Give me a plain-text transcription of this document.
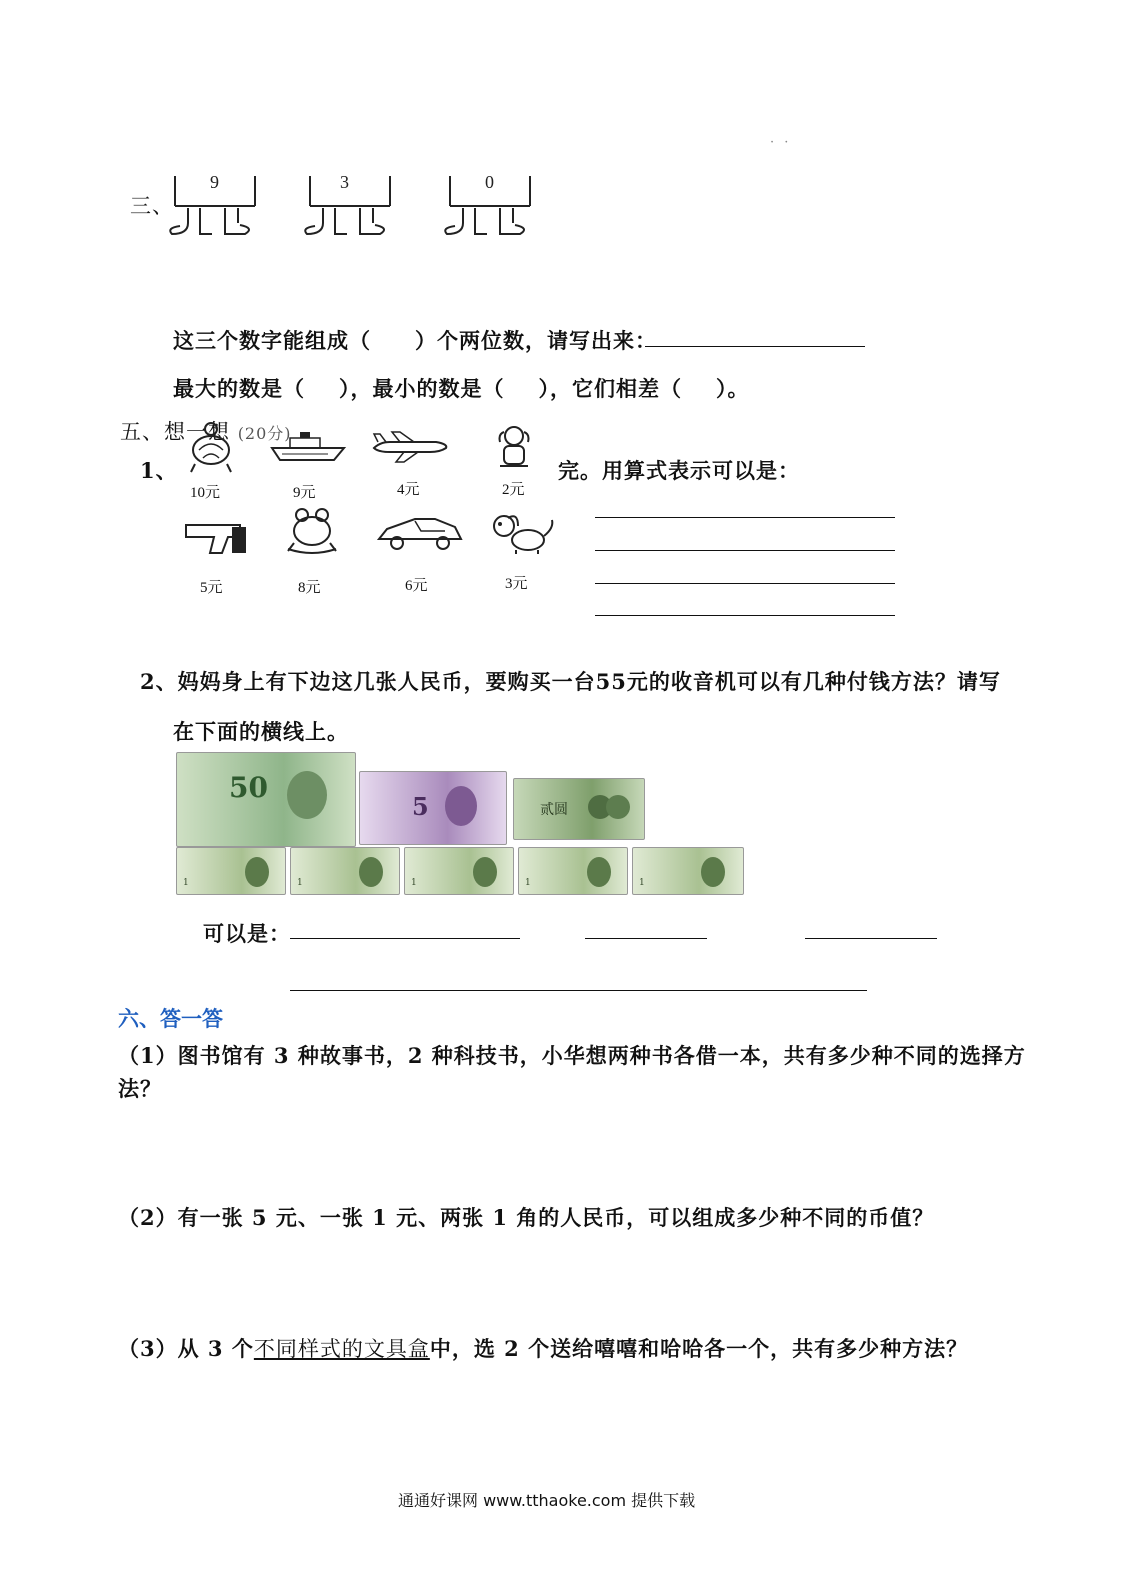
· ·
三、
9	3	0
这三个数字能组成（ ）个两位数，请写出来：
最大的数是（ ），最小的数是（ ），它们相差（ ）。
五、想一想 (20分)
1、	完。用算式表示可以是：
10元	9元	4元	2元
5元	8元	6元	3元
2、妈妈身上有下边这几张人民币，要购买一台55元的收音机可以有几种付钱方法？请写
在下面的横线上。
50
5	贰圆
1	1	1	1	1
可以是：
六、答一答
（1）图书馆有 3 种故事书，2 种科技书，小华想两种书各借一本，共有多少种不同的选择方
法？
（2）有一张 5 元、一张 1 元、两张 1 角的人民币，可以组成多少种不同的币值？
（3）从 3 个不同样式的文具盒中，选 2 个送给嘻嘻和哈哈各一个，共有多少种方法？
通通好课网 www.tthaoke.com 提供下载
